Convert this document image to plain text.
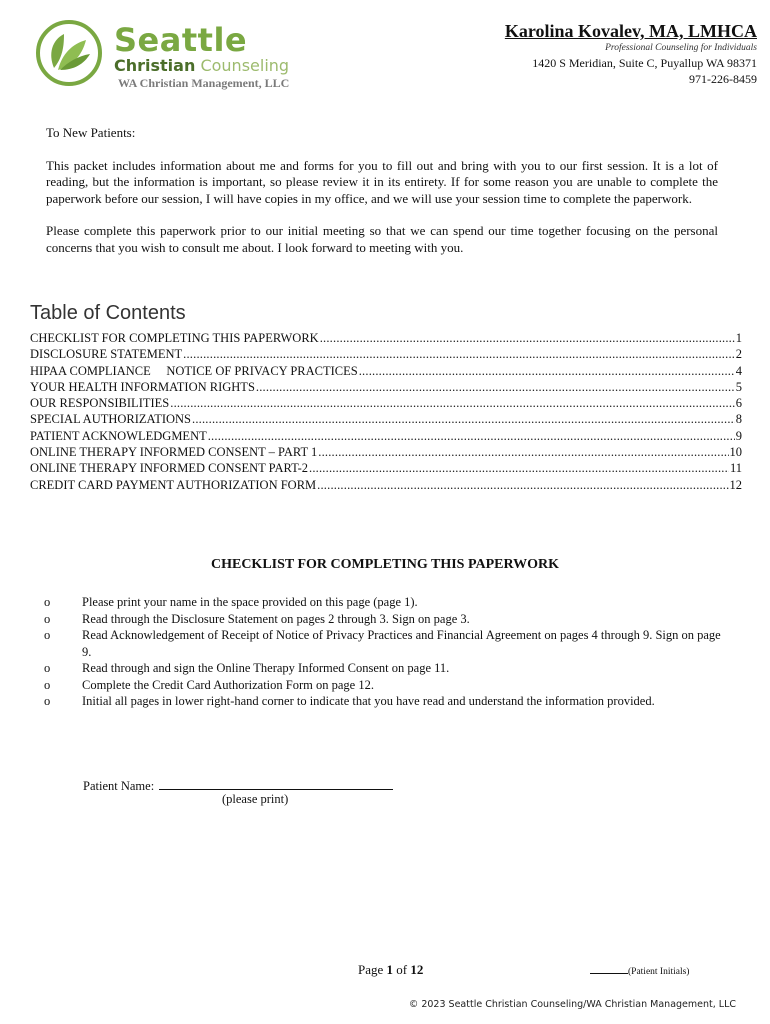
Seattle
Christian Counseling
WA Christian Management, LLC
Karolina Kovalev, MA, LMHCA
Professional Counseling for Individuals
1420 S Meridian, Suite C, Puyallup WA 98371
971-226-8459

To New Patients:

This packet includes information about me and forms for you to fill out and bring with you to our first session. It is a lot of reading, but the information is important, so please review it in its entirety. If for some reason you are unable to complete the paperwork before our session, I will have copies in my office, and we will use your session time to complete the paperwork.

Please complete this paperwork prior to our initial meeting so that we can spend our time together focusing on the personal concerns that you wish to consult me about. I look forward to meeting with you.

Table of Contents
CHECKLIST FOR COMPLETING THIS PAPERWORK .....	1
DISCLOSURE STATEMENT .....	2
HIPAA COMPLIANCE     NOTICE OF PRIVACY PRACTICES .....	4
YOUR HEALTH INFORMATION RIGHTS .....	5
OUR RESPONSIBILITIES .....	6
SPECIAL AUTHORIZATIONS .....	8
PATIENT ACKNOWLEDGMENT .....	9
ONLINE THERAPY INFORMED CONSENT – PART 1 .....	10
ONLINE THERAPY INFORMED CONSENT PART-2 .....	11
CREDIT CARD PAYMENT AUTHORIZATION FORM .....	12
CHECKLIST FOR COMPLETING THIS PAPERWORK
o	Please print your name in the space provided on this page (page 1).
o	Read through the Disclosure Statement on pages 2 through 3. Sign on page 3.
o	Read Acknowledgement of Receipt of Notice of Privacy Practices and Financial Agreement on pages 4 through 9. Sign on page 9.
o	Read through and sign the Online Therapy Informed Consent on page 11.
o	Complete the Credit Card Authorization Form on page 12.
o	Initial all pages in lower right-hand corner to indicate that you have read and understand the information provided.
Patient Name:
(please print)
Page 1 of 12	(Patient Initials)
© 2023 Seattle Christian Counseling/WA Christian Management, LLC
